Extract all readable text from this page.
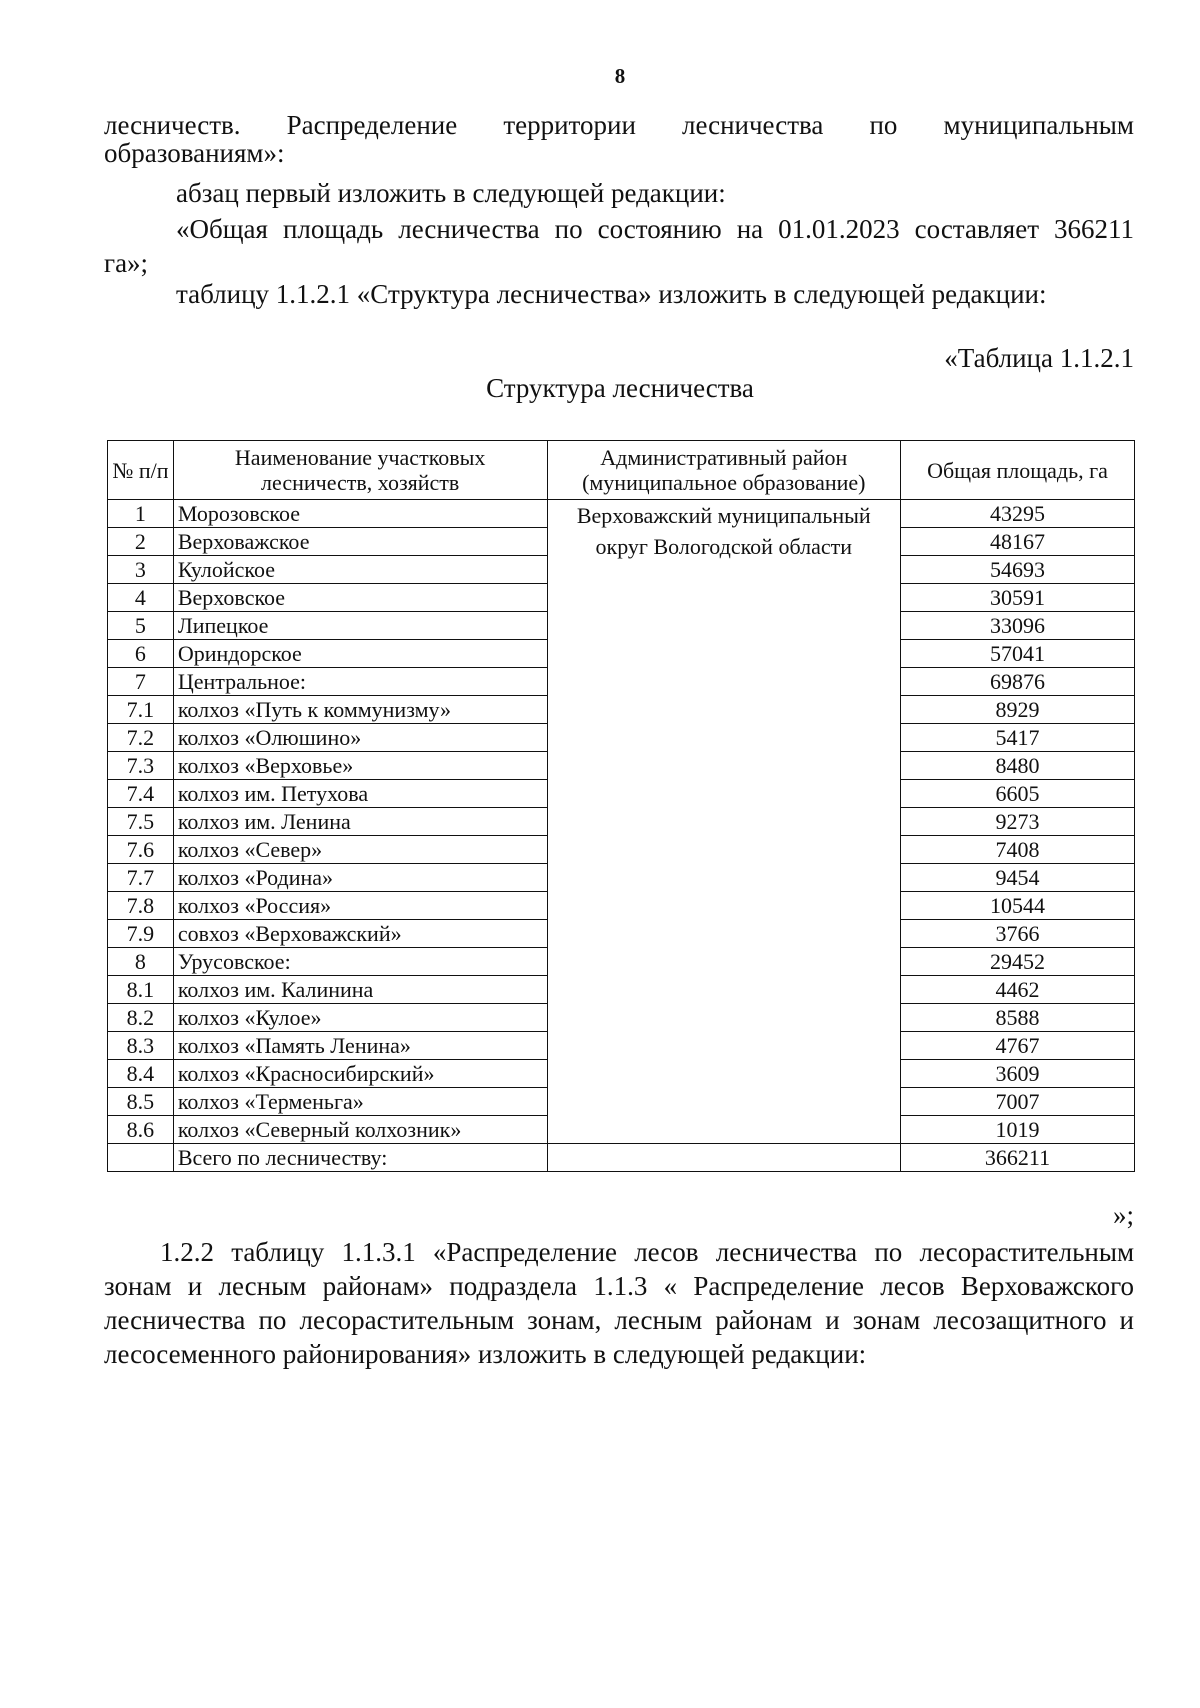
8
лесничеств. Распределение территории лесничества по муниципальным
образованиям»:
абзац первый изложить в следующей редакции:
«Общая площадь лесничества по состоянию на 01.01.2023 составляет 366211
га»;
таблицу 1.1.2.1 «Структура лесничества» изложить в следующей редакции:
«Таблица 1.1.2.1
Структура лесничества
№ п/п	Наименование участковых лесничеств, хозяйств	Административный район (муниципальное образование)	Общая площадь, га
1	Морозовское	Верховажский муниципальный округ Вологодской области	43295
2	Верховажское		48167
3	Кулойское		54693
4	Верховское		30591
5	Липецкое		33096
6	Ориндорское		57041
7	Центральное:		69876
7.1	колхоз «Путь к коммунизму»		8929
7.2	колхоз «Олюшино»		5417
7.3	колхоз «Верховье»		8480
7.4	колхоз им. Петухова		6605
7.5	колхоз им. Ленина		9273
7.6	колхоз «Север»		7408
7.7	колхоз «Родина»		9454
7.8	колхоз «Россия»		10544
7.9	совхоз «Верховажский»		3766
8	Урусовское:		29452
8.1	колхоз им. Калинина		4462
8.2	колхоз «Кулое»		8588
8.3	колхоз «Память Ленина»		4767
8.4	колхоз «Красносибирский»		3609
8.5	колхоз «Терменьга»		7007
8.6	колхоз «Северный колхозник»		1019
	Всего по лесничеству:		366211
»;
1.2.2 таблицу 1.1.3.1 «Распределение лесов лесничества по лесорастительным
зонам и лесным районам» подраздела 1.1.3 « Распределение лесов Верховажского
лесничества по лесорастительным зонам, лесным районам и зонам лесозащитного и
лесосеменного районирования» изложить в следующей редакции:
